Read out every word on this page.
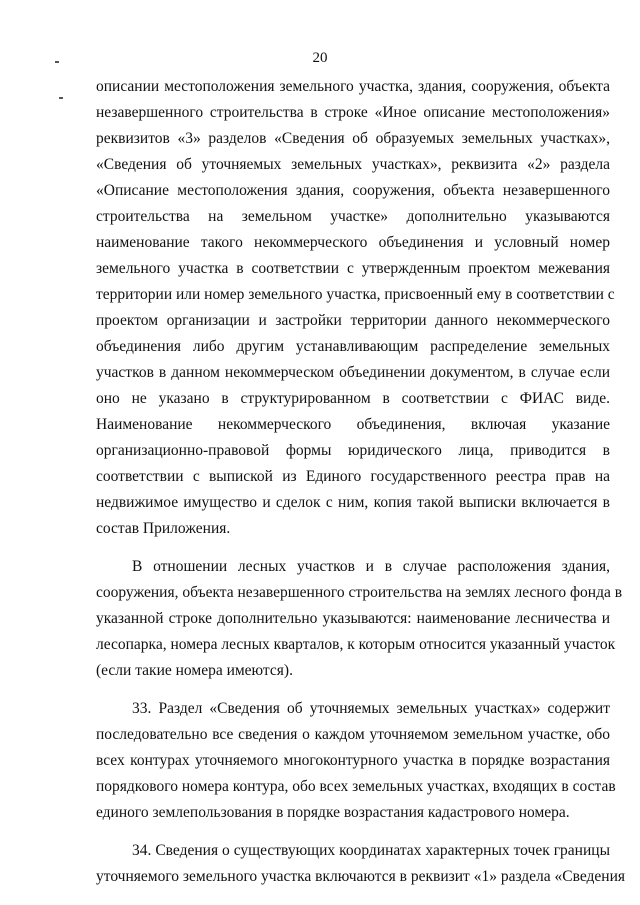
20
описании местоположения земельного участка, здания, сооружения, объекта
незавершенного строительства в строке «Иное описание местоположения»
реквизитов «3» разделов «Сведения об образуемых земельных участках»,
«Сведения об уточняемых земельных участках», реквизита «2» раздела
«Описание местоположения здания, сооружения, объекта незавершенного
строительства на земельном участке» дополнительно указываются
наименование такого некоммерческого объединения и условный номер
земельного участка в соответствии с утвержденным проектом межевания
территории или номер земельного участка, присвоенный ему в соответствии с
проектом организации и застройки территории данного некоммерческого
объединения либо другим устанавливающим распределение земельных
участков в данном некоммерческом объединении документом, в случае если
оно не указано в структурированном в соответствии с ФИАС виде.
Наименование некоммерческого объединения, включая указание
организационно-правовой формы юридического лица, приводится в
соответствии с выпиской из Единого государственного реестра прав на
недвижимое имущество и сделок с ним, копия такой выписки включается в
состав Приложения.
В отношении лесных участков и в случае расположения здания,
сооружения, объекта незавершенного строительства на землях лесного фонда в
указанной строке дополнительно указываются: наименование лесничества и
лесопарка, номера лесных кварталов, к которым относится указанный участок
(если такие номера имеются).
33. Раздел «Сведения об уточняемых земельных участках» содержит
последовательно все сведения о каждом уточняемом земельном участке, обо
всех контурах уточняемого многоконтурного участка в порядке возрастания
порядкового номера контура, обо всех земельных участках, входящих в состав
единого землепользования в порядке возрастания кадастрового номера.
34. Сведения о существующих координатах характерных точек границы
уточняемого земельного участка включаются в реквизит «1» раздела «Сведения
